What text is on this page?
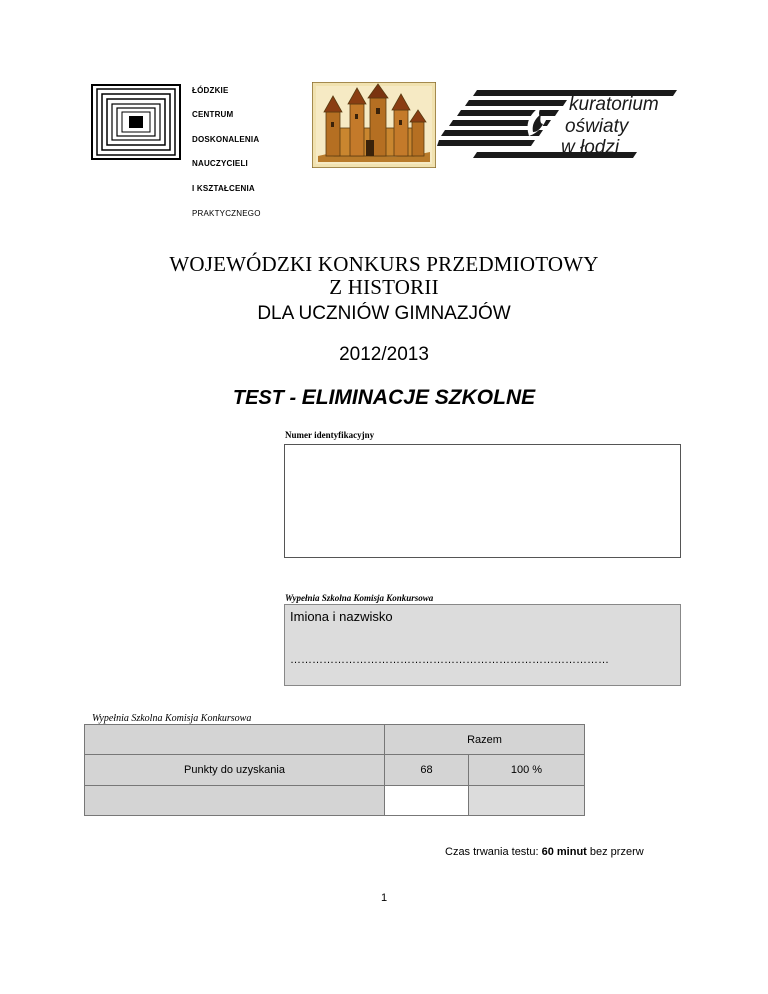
ŁÓDZKIE
CENTRUM
DOSKONALENIA
NAUCZYCIELI
I KSZTAŁCENIA
PRAKTYCZNEGO
kuratorium
oświaty
w łodzi
WOJEWÓDZKI KONKURS PRZEDMIOTOWY
Z HISTORII
DLA UCZNIÓW GIMNAZJÓW
2012/2013
TEST - ELIMINACJE SZKOLNE
Numer identyfikacyjny
Wypełnia Szkolna Komisja Konkursowa
Imiona i nazwisko
……………………………………………………………………………
Wypełnia Szkolna Komisja Konkursowa
Razem
Punkty do uzyskania	68	100 %
Czas trwania testu: 60 minut bez przerw
1
